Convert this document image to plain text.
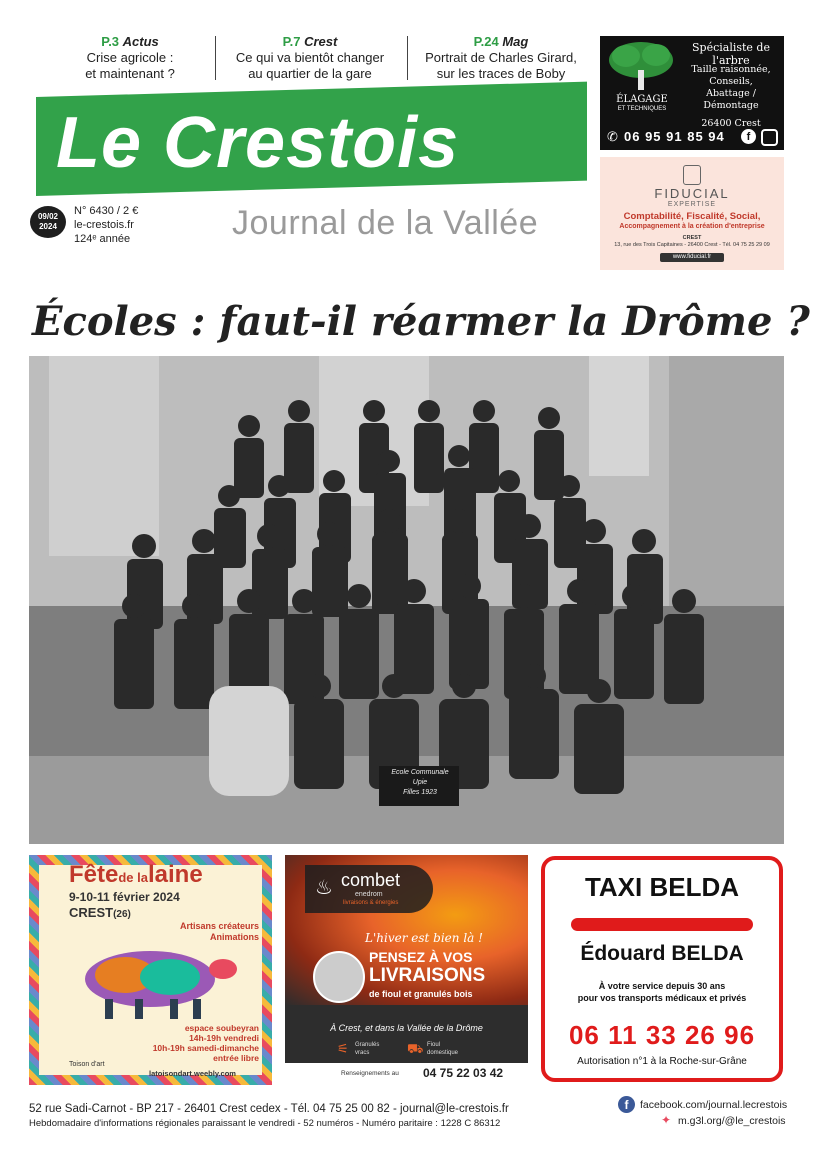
P.3 Actus
Crise agricole :
et maintenant ?
P.7 Crest
Ce qui va bientôt changer
au quartier de la gare
P.24 Mag
Portrait de Charles Girard,
sur les traces de Boby
Le Crestois
Journal de la Vallée
09/02
2024
N° 6430 / 2 €
le-crestois.fr
124ᵉ année
ÉLAGAGE
ET TECHNIQUES
Spécialiste de l'arbre
Taille raisonnée,
Conseils,
Abattage / Démontage
26400 Crest
✆ 06 95 91 85 94	f
FIDUCIAL
EXPERTISE
Comptabilité, Fiscalité, Social,
Accompagnement à la création d'entreprise
CREST
13, rue des Trois Capitaines - 26400 Crest - Tél. 04 75 25 29 09
www.fiducial.fr
Écoles : faut-il réarmer la Drôme ?
Ecole Communale
Upie
Filles 1923
Fêtede lalaine
9-10-11 février 2024
CREST(26)
Artisans créateurs
Animations
espace soubeyran
14h-19h vendredi
10h-19h samedi-dimanche
entrée libre
Toison d'art
latoisondart.weebly.com
♨ combet
enedrom
livraisons & énergies
L'hiver est bien là !
PENSEZ À VOS
LIVRAISONS
de fioul et granulés bois
À Crest, et dans la Vallée de la Drôme
⚟ Granulés
vracs	⛟ Fioul
domestique
Renseignements au 04 75 22 03 42
TAXI BELDA
Édouard BELDA
À votre service depuis 30 ans
pour vos transports médicaux et privés
06 11 33 26 96
Autorisation n°1 à la Roche-sur-Grâne
52 rue Sadi-Carnot - BP 217 - 26401 Crest cedex - Tél. 04 75 25 00 82 - journal@le-crestois.fr
Hebdomadaire d'informations régionales paraissant le vendredi - 52 numéros - Numéro paritaire : 1228 C 86312
f	facebook.com/journal.lecrestois
✦ m.g3l.org/@le_crestois
